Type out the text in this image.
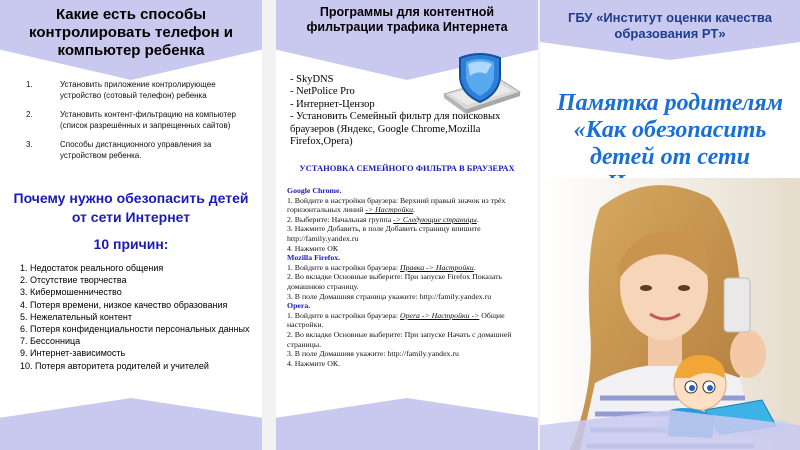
Какие есть способы контролировать телефон и компьютер ребенка
1.	Установить приложение контролирующее устройство (сотовый телефон) ребенка
2.	Установить контент-фильтрацию на компьютер (список разрешённых и запрещенных сайтов)
3.	Способы дистанционного управления за устройством ребенка.
Почему нужно обезопасить детей от сети Интернет
10 причин:

1. Недостаток реального общения

2. Отсутствие творчества

3. Кибермошенничество

4. Потеря времени, низкое качество образования

5. Нежелательный контент

6. Потеря конфиденциальности персональных данных

7. Бессонница

9. Интернет-зависимость

10. Потеря авторитета родителей и учителей

Программы для контентной фильтрации трафика Интернета
- SkyDNS
- NetPolice Pro
- Интернет-Цензор
- Установить Семейный фильтр для поисковых браузеров (Яндекс, Google Chrome,Mozilla Firefox,Opera)
УСТАНОВКА СЕМЕЙНОГО ФИЛЬТРА В БРАУЗЕРАХ
Google Chrome.
1. Войдите в настройки браузера: Верхний правый значок из трёх горизонтальных линий -> Настройки.
2. Выберите: Начальная группа -> Следующие страницы.
3. Нажмите Добавить, в поле Добавить страницу впишите http://family.yandex.ru
4. Нажмите ОК
Mozilla Firefox.
1. Войдите в настройки браузера: Правка -> Настройки.
2. Во вкладке Основные выберите: При запуске Firefox Показать домашнюю страницу.
3. В поле Домашняя страница укажите: http://family.yandex.ru
Opera.
1. Войдите в настройки браузера: Opera -> Настройки -> Общие настройки.
2. Во вкладке Основные выберите: При запуске Начать с домашней страницы.
3. В поле Домашняя укажите: http://family.yandex.ru
4. Нажмите ОК.
ГБУ «Институт оценки качества образования РТ»
Памятка родителям «Как обезопасить детей от сети
